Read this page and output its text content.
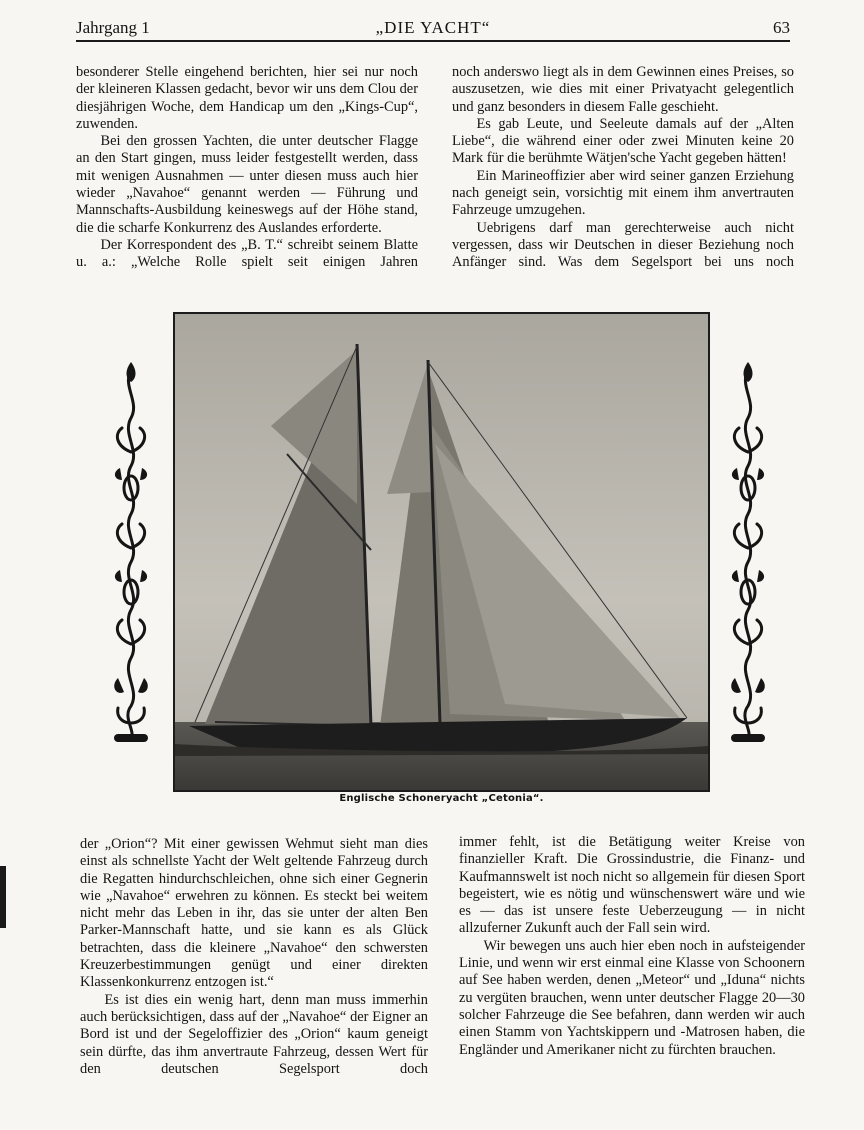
Jahrgang 1	„DIE YACHT“	63

besonderer Stelle eingehend berichten, hier sei nur noch der kleineren Klassen gedacht, bevor wir uns dem Clou der diesjährigen Woche, dem Handicap um den „Kings-Cup“, zuwenden.

Bei den grossen Yachten, die unter deutscher Flagge an den Start gingen, muss leider festgestellt werden, dass mit wenigen Ausnahmen — unter diesen muss auch hier wieder „Navahoe“ genannt werden — Führung und Mannschafts-Ausbildung keineswegs auf der Höhe stand, die die scharfe Konkurrenz des Auslandes erforderte.

Der Korrespondent des „B. T.“ schreibt seinem Blatte u. a.: „Welche Rolle spielt seit einigen Jahren

noch anderswo liegt als in dem Gewinnen eines Preises, so auszusetzen, wie dies mit einer Privatyacht gelegentlich und ganz besonders in diesem Falle geschieht.

Es gab Leute, und Seeleute damals auf der „Alten Liebe“, die während einer oder zwei Minuten keine 20 Mark für die berühmte Wätjen'sche Yacht gegeben hätten!

Ein Marineoffizier aber wird seiner ganzen Erziehung nach geneigt sein, vorsichtig mit einem ihm anvertrauten Fahrzeuge umzugehen.

Uebrigens darf man gerechterweise auch nicht vergessen, dass wir Deutschen in dieser Beziehung noch Anfänger sind. Was dem Segelsport bei uns noch

Englische Schoneryacht „Cetonia“.

der „Orion“? Mit einer gewissen Wehmut sieht man dies einst als schnellste Yacht der Welt geltende Fahrzeug durch die Regatten hindurchschleichen, ohne sich einer Gegnerin wie „Navahoe“ erwehren zu können. Es steckt bei weitem nicht mehr das Leben in ihr, das sie unter der alten Ben Parker-Mannschaft hatte, und sie kann es als Glück betrachten, dass die kleinere „Navahoe“ den schwersten Kreuzerbestimmungen genügt und einer direkten Klassenkonkurrenz entzogen ist.“

Es ist dies ein wenig hart, denn man muss immerhin auch berücksichtigen, dass auf der „Navahoe“ der Eigner an Bord ist und der Segeloffizier des „Orion“ kaum geneigt sein dürfte, das ihm anvertraute Fahrzeug, dessen Wert für den deutschen Segelsport doch

immer fehlt, ist die Betätigung weiter Kreise von finanzieller Kraft. Die Grossindustrie, die Finanz- und Kaufmannswelt ist noch nicht so allgemein für diesen Sport begeistert, wie es nötig und wünschenswert wäre und wie es — das ist unsere feste Ueberzeugung — in nicht allzuferner Zukunft auch der Fall sein wird.

Wir bewegen uns auch hier eben noch in aufsteigender Linie, und wenn wir erst einmal eine Klasse von Schoonern auf See haben werden, denen „Meteor“ und „Iduna“ nichts zu vergüten brauchen, wenn unter deutscher Flagge 20—30 solcher Fahrzeuge die See befahren, dann werden wir auch einen Stamm von Yachtskippern und -Matrosen haben, die Engländer und Amerikaner nicht zu fürchten brauchen.
